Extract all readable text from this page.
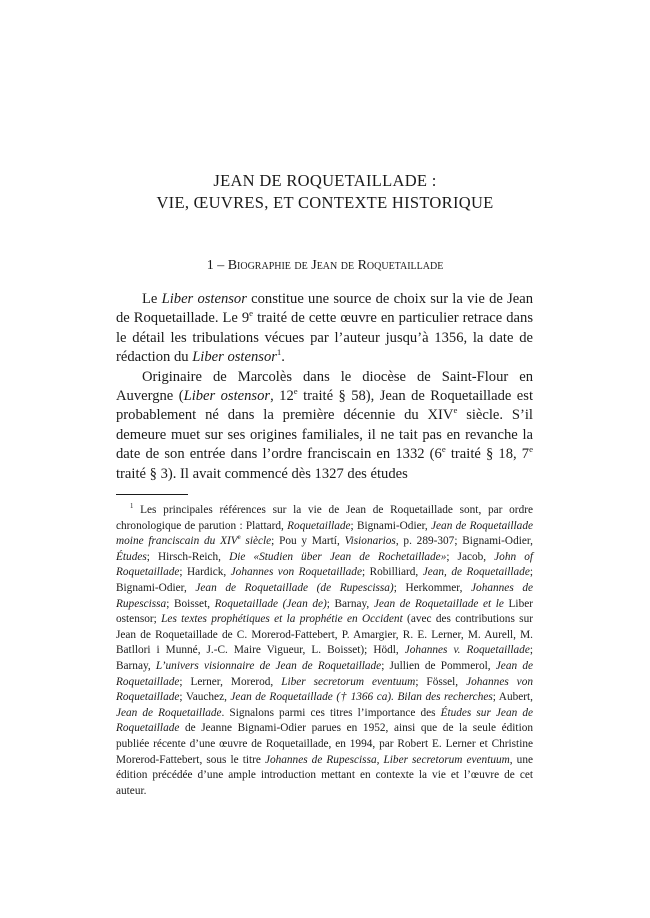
JEAN DE ROQUETAILLADE :
VIE, ŒUVRES, ET CONTEXTE HISTORIQUE
1 – Biographie de Jean de Roquetaillade

Le Liber ostensor constitue une source de choix sur la vie de Jean de Roquetaillade. Le 9e traité de cette œuvre en particulier retrace dans le détail les tribulations vécues par l’auteur jusqu’à 1356, la date de rédaction du Liber ostensor$^1$.

Originaire de Marcolès dans le diocèse de Saint-Flour en Auvergne (Liber ostensor, 12e traité § 58), Jean de Roquetaillade est probablement né dans la première décennie du XIVe siècle. S’il demeure muet sur ses origines familiales, il ne tait pas en revanche la date de son entrée dans l’ordre franciscain en 1332 (6e traité § 18, 7e traité § 3). Il avait commencé dès 1327 des études

$^1$ Les principales références sur la vie de Jean de Roquetaillade sont, par ordre chronologique de parution : Plattard, Roquetaillade; Bignami-Odier, Jean de Roquetaillade moine franciscain du XIVe siècle; Pou y Martí, Visionarios, p. 289-307; Bignami-Odier, Études; Hirsch-Reich, Die «Studien über Jean de Rochetaillade»; Jacob, John of Roquetaillade; Hardick, Johannes von Roquetaillade; Robilliard, Jean, de Roquetaillade; Bignami-Odier, Jean de Roquetaillade (de Rupescissa); Herkommer, Johannes de Rupescissa; Boisset, Roquetaillade (Jean de); Barnay, Jean de Roquetaillade et le Liber ostensor; Les textes prophétiques et la prophétie en Occident (avec des contributions sur Jean de Roquetaillade de C. Morerod-Fattebert, P. Amargier, R. E. Lerner, M. Aurell, M. Batllori i Munné, J.-C. Maire Vigueur, L. Boisset); Hödl, Johannes v. Roquetaillade; Barnay, L’univers visionnaire de Jean de Roquetaillade; Jullien de Pommerol, Jean de Roquetaillade; Lerner, Morerod, Liber secretorum eventuum; Fössel, Johannes von Roquetaillade; Vauchez, Jean de Roquetaillade († 1366 ca). Bilan des recherches; Aubert, Jean de Roquetaillade. Signalons parmi ces titres l’importance des Études sur Jean de Roquetaillade de Jeanne Bignami-Odier parues en 1952, ainsi que de la seule édition publiée récente d’une œuvre de Roquetaillade, en 1994, par Robert E. Lerner et Christine Morerod-Fattebert, sous le titre Johannes de Rupescissa, Liber secretorum eventuum, une édition précédée d’une ample introduction mettant en contexte la vie et l’œuvre de cet auteur.
